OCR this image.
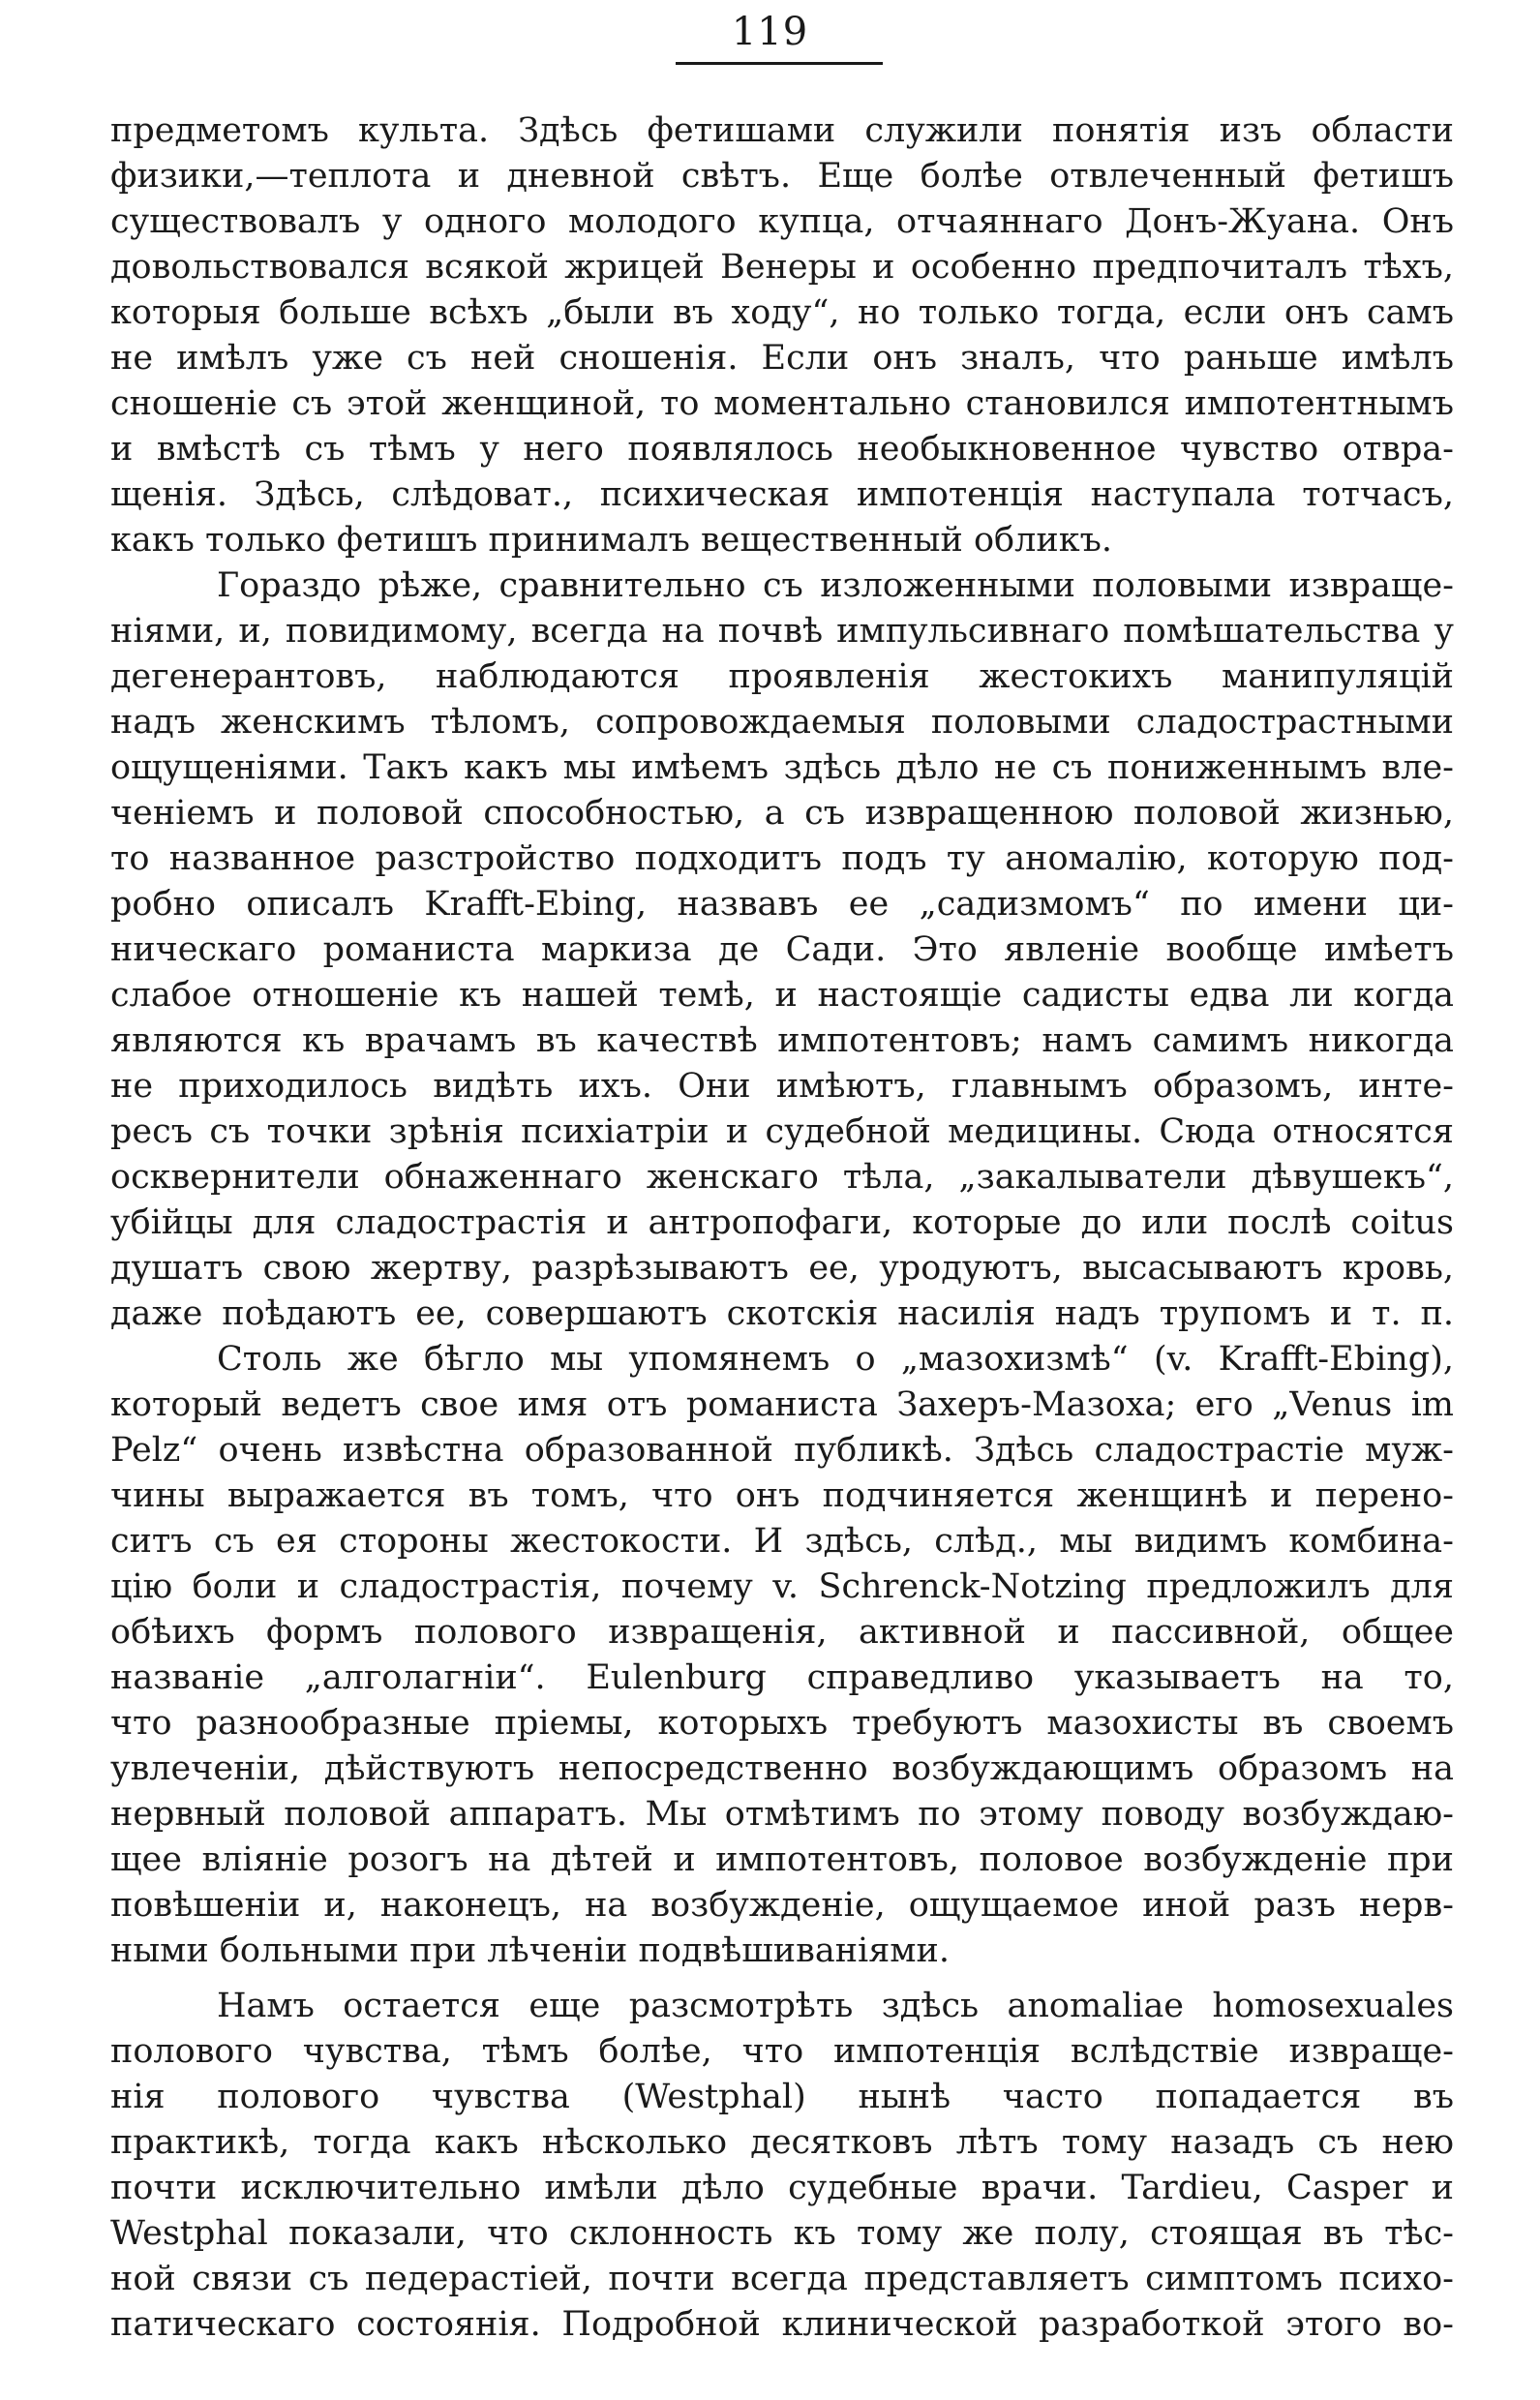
119
предметомъ культа. Здѣсь фетишами служили понятія изъ области
физики,—теплота и дневной свѣтъ. Еще болѣе отвлеченный фетишъ
существовалъ у одного молодого купца, отчаяннаго Донъ-Жуана. Онъ
довольствовался всякой жрицей Венеры и особенно предпочиталъ тѣхъ,
которыя больше всѣхъ „были въ ходу“, но только тогда, если онъ самъ
не имѣлъ уже съ ней сношенія. Если онъ зналъ, что раньше имѣлъ
сношеніе съ этой женщиной, то моментально становился импотентнымъ
и вмѣстѣ съ тѣмъ у него появлялось необыкновенное чувство отвра-
щенія. Здѣсь, слѣдоват., психическая импотенція наступала тотчасъ,
какъ только фетишъ принималъ вещественный обликъ.
Гораздо рѣже, сравнительно съ изложенными половыми извраще-
ніями, и, повидимому, всегда на почвѣ импульсивнаго помѣшательства у
дегенерантовъ, наблюдаются проявленія жестокихъ манипуляцій
надъ женскимъ тѣломъ, сопровождаемыя половыми сладострастными
ощущеніями. Такъ какъ мы имѣемъ здѣсь дѣло не съ пониженнымъ вле-
ченіемъ и половой способностью, а съ извращенною половой жизнью,
то названное разстройство подходитъ подъ ту аномалію, которую под-
робно описалъ Krafft-Ebing, назвавъ ее „садизмомъ“ по имени ци-
ническаго романиста маркиза де Сади. Это явленіе вообще имѣетъ
слабое отношеніе къ нашей темѣ, и настоящіе садисты едва ли когда
являются къ врачамъ въ качествѣ импотентовъ; намъ самимъ никогда
не приходилось видѣть ихъ. Они имѣютъ, главнымъ образомъ, инте-
ресъ съ точки зрѣнія психіатріи и судебной медицины. Сюда относятся
осквернители обнаженнаго женскаго тѣла, „закалыватели дѣвушекъ“,
убійцы для сладострастія и антропофаги, которые до или послѣ coitus
душатъ свою жертву, разрѣзываютъ ее, уродуютъ, высасываютъ кровь,
даже поѣдаютъ ее, совершаютъ скотскія насилія надъ трупомъ и т. п.
Столь же бѣгло мы упомянемъ о „мазохизмѣ“ (v. Krafft-Ebing),
который ведетъ свое имя отъ романиста Захеръ-Мазоха; его „Venus im
Pelz“ очень извѣстна образованной публикѣ. Здѣсь сладострастіе муж-
чины выражается въ томъ, что онъ подчиняется женщинѣ и перено-
ситъ съ ея стороны жестокости. И здѣсь, слѣд., мы видимъ комбина-
цію боли и сладострастія, почему v. Schrenck-Notzing предложилъ для
обѣихъ формъ полового извращенія, активной и пассивной, общее
названіе „алголагніи“. Eulenburg справедливо указываетъ на то,
что разнообразные пріемы, которыхъ требуютъ мазохисты въ своемъ
увлеченіи, дѣйствуютъ непосредственно возбуждающимъ образомъ на
нервный половой аппаратъ. Мы отмѣтимъ по этому поводу возбуждаю-
щее вліяніе розогъ на дѣтей и импотентовъ, половое возбужденіе при
повѣшеніи и, наконецъ, на возбужденіе, ощущаемое иной разъ нерв-
ными больными при лѣченіи подвѣшиваніями.
Намъ остается еще разсмотрѣть здѣсь anomaliae homosexuales
полового чувства, тѣмъ болѣе, что импотенція вслѣдствіе извраще-
нія полового чувства (Westphal) нынѣ часто попадается въ
практикѣ, тогда какъ нѣсколько десятковъ лѣтъ тому назадъ съ нею
почти исключительно имѣли дѣло судебные врачи. Tardieu, Casper и
Westphal показали, что склонность къ тому же полу, стоящая въ тѣс-
ной связи съ педерастіей, почти всегда представляетъ симптомъ психо-
патическаго состоянія. Подробной клинической разработкой этого во-
